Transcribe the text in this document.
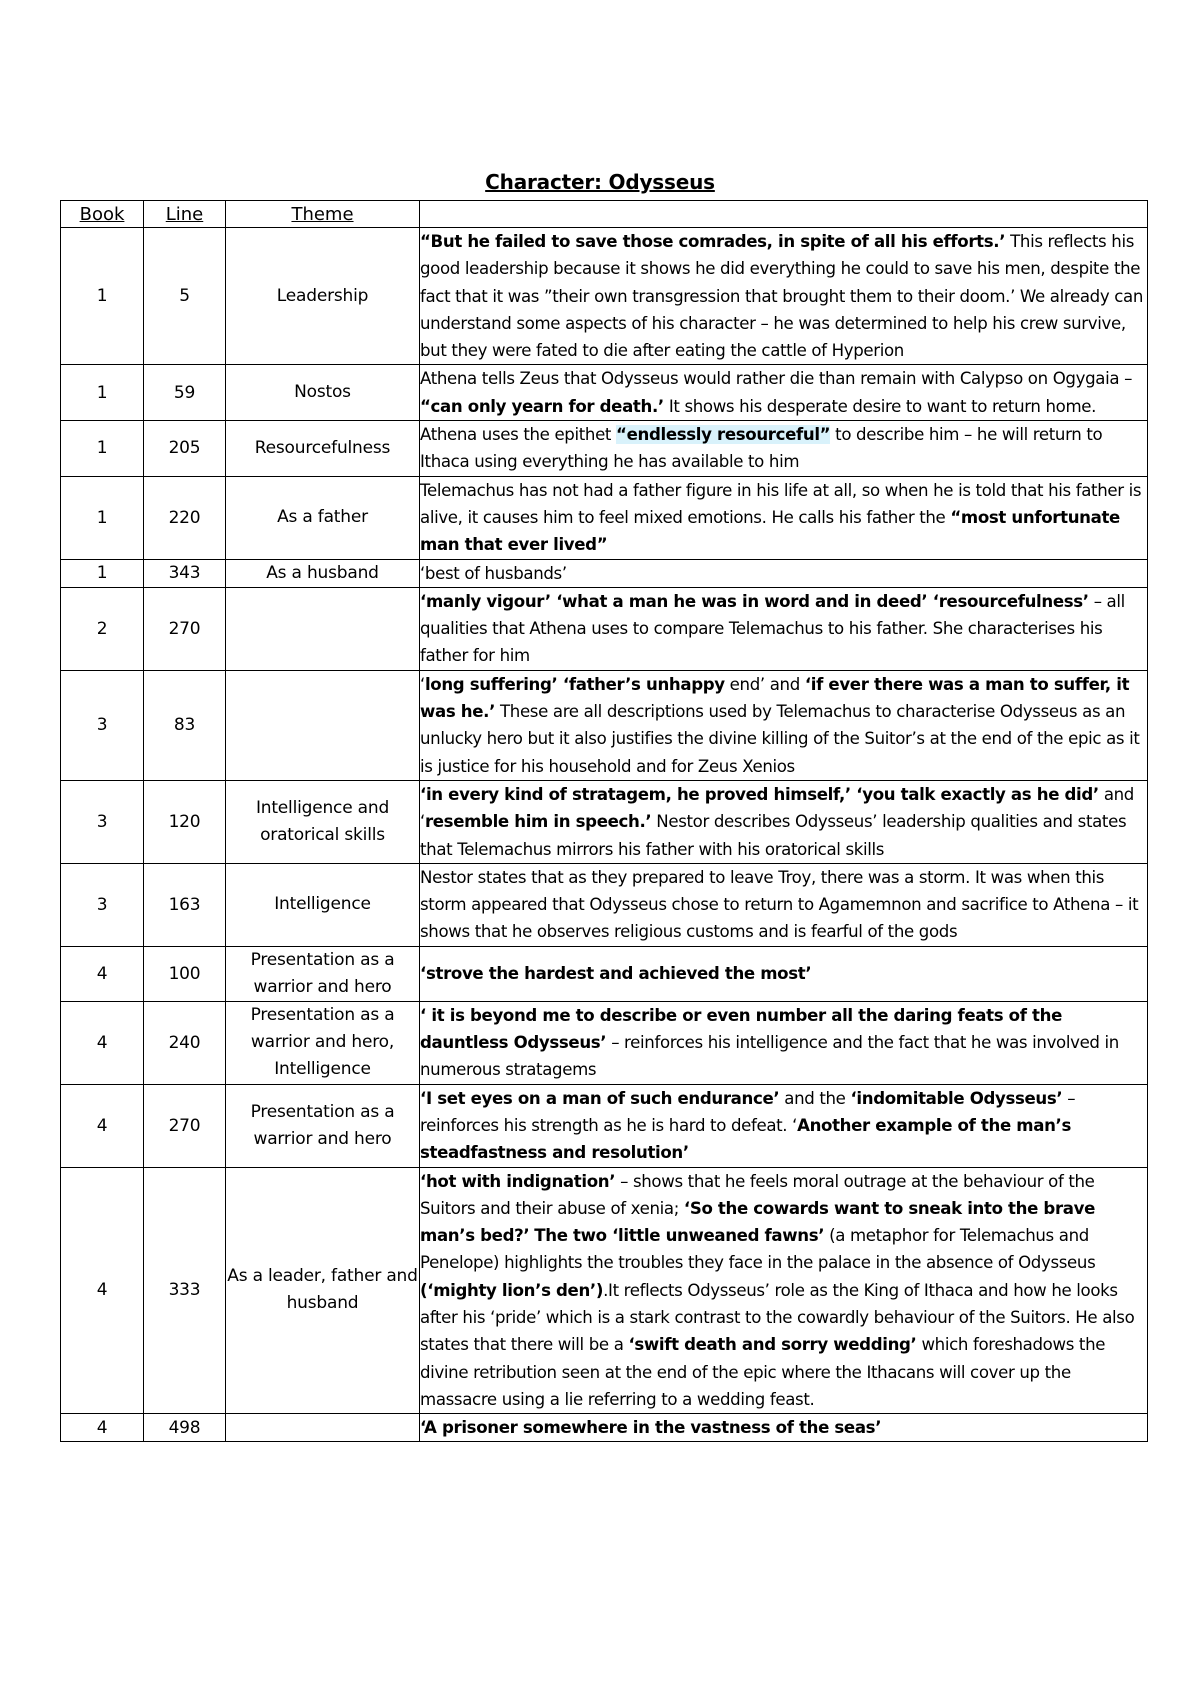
Character: Odysseus
Book	Line	Theme	
1	5	Leadership	“But he failed to save those comrades, in spite of all his efforts.’ This reflects his good leadership because it shows he did everything he could to save his men, despite the fact that it was ”their own transgression that brought them to their doom.’ We already can understand some aspects of his character – he was determined to help his crew survive, but they were fated to die after eating the cattle of Hyperion
1	59	Nostos	Athena tells Zeus that Odysseus would rather die than remain with Calypso on Ogygaia – “can only yearn for death.’ It shows his desperate desire to want to return home.
1	205	Resourcefulness	Athena uses the epithet “endlessly resourceful” to describe him – he will return to Ithaca using everything he has available to him
1	220	As a father	Telemachus has not had a father figure in his life at all, so when he is told that his father is alive, it causes him to feel mixed emotions. He calls his father the “most unfortunate man that ever lived”
1	343	As a husband	‘best of husbands’
2	270		‘manly vigour’ ‘what a man he was in word and in deed’ ‘resourcefulness’ – all qualities that Athena uses to compare Telemachus to his father. She characterises his father for him
3	83		‘long suffering’ ‘father’s unhappy end’ and ‘if ever there was a man to suffer, it was he.’ These are all descriptions used by Telemachus to characterise Odysseus as an unlucky hero but it also justifies the divine killing of the Suitor’s at the end of the epic as it is justice for his household and for Zeus Xenios
3	120	Intelligence and oratorical skills	‘in every kind of stratagem, he proved himself,’ ‘you talk exactly as he did’ and ‘resemble him in speech.’ Nestor describes Odysseus’ leadership qualities and states that Telemachus mirrors his father with his oratorical skills
3	163	Intelligence	Nestor states that as they prepared to leave Troy, there was a storm. It was when this storm appeared that Odysseus chose to return to Agamemnon and sacrifice to Athena – it shows that he observes religious customs and is fearful of the gods
4	100	Presentation as a warrior and hero	‘strove the hardest and achieved the most’
4	240	Presentation as a warrior and hero, Intelligence	‘ it is beyond me to describe or even number all the daring feats of the dauntless Odysseus’ – reinforces his intelligence and the fact that he was involved in numerous stratagems
4	270	Presentation as a warrior and hero	‘I set eyes on a man of such endurance’ and the ‘indomitable Odysseus’ – reinforces his strength as he is hard to defeat. ‘Another example of the man’s steadfastness and resolution’
4	333	As a leader, father and husband	‘hot with indignation’ – shows that he feels moral outrage at the behaviour of the Suitors and their abuse of xenia; ‘So the cowards want to sneak into the brave man’s bed?’ The two ‘little unweaned fawns’ (a metaphor for Telemachus and Penelope) highlights the troubles they face in the palace in the absence of Odysseus (‘mighty lion’s den’).It reflects Odysseus’ role as the King of Ithaca and how he looks after his ‘pride’ which is a stark contrast to the cowardly behaviour of the Suitors. He also states that there will be a ‘swift death and sorry wedding’ which foreshadows the divine retribution seen at the end of the epic where the Ithacans will cover up the massacre using a lie referring to a wedding feast.
4	498		‘A prisoner somewhere in the vastness of the seas’
